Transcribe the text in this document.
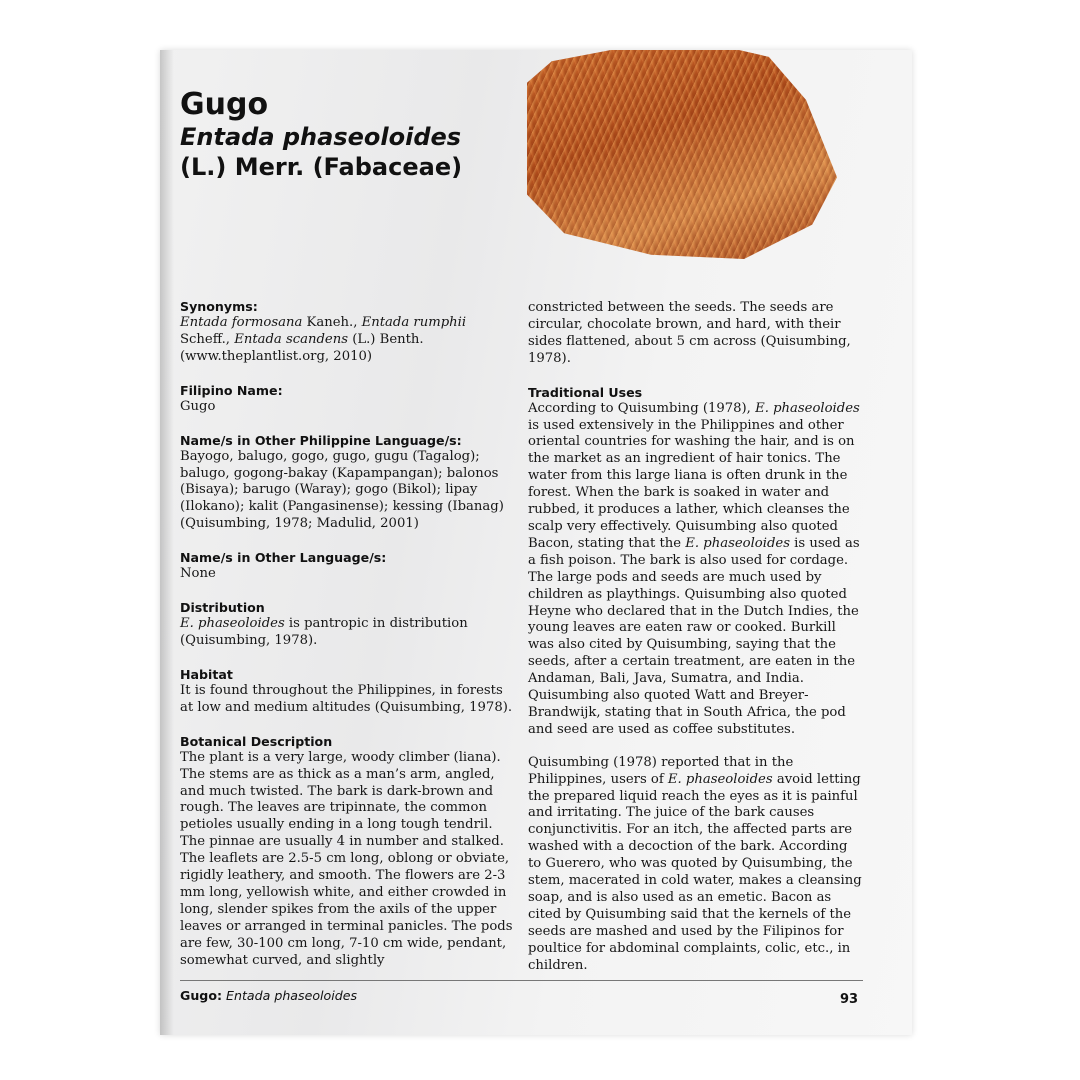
Gugo
Entada phaseoloides
(L.) Merr. (Fabaceae)
Synonyms:

Entada formosana Kaneh., Entada rumphii Scheff., Entada scandens (L.) Benth. (www.theplantlist.org, 2010)

Filipino Name:

Gugo

Name/s in Other Philippine Language/s:

Bayogo, balugo, gogo, gugo, gugu (Tagalog); balugo, gogong-bakay (Kapampangan); balonos (Bisaya); barugo (Waray); gogo (Bikol); lipay (Ilokano); kalit (Pangasinense); kessing (Ibanag) (Quisumbing, 1978; Madulid, 2001)

Name/s in Other Language/s:

None

Distribution

E. phaseoloides is pantropic in distribution (Quisumbing, 1978).

Habitat

It is found throughout the Philippines, in forests at low and medium altitudes (Quisumbing, 1978).

Botanical Description

The plant is a very large, woody climber (liana). The stems are as thick as a man’s arm, angled, and much twisted. The bark is dark-brown and rough. The leaves are tripinnate, the common petioles usually ending in a long tough tendril. The pinnae are usually 4 in number and stalked. The leaflets are 2.5-5 cm long, oblong or obviate, rigidly leathery, and smooth. The flowers are 2-3 mm long, yellowish white, and either crowded in long, slender spikes from the axils of the upper leaves or arranged in terminal panicles. The pods are few, 30-100 cm long, 7-10 cm wide, pendant, somewhat curved, and slightly

constricted between the seeds. The seeds are circular, chocolate brown, and hard, with their sides flattened, about 5 cm across (Quisumbing, 1978).

Traditional Uses

According to Quisumbing (1978), E. phaseoloides is used extensively in the Philippines and other oriental countries for washing the hair, and is on the market as an ingredient of hair tonics. The water from this large liana is often drunk in the forest. When the bark is soaked in water and rubbed, it produces a lather, which cleanses the scalp very effectively. Quisumbing also quoted Bacon, stating that the E. phaseoloides is used as a fish poison. The bark is also used for cordage. The large pods and seeds are much used by children as playthings. Quisumbing also quoted Heyne who declared that in the Dutch Indies, the young leaves are eaten raw or cooked. Burkill was also cited by Quisumbing, saying that the seeds, after a certain treatment, are eaten in the Andaman, Bali, Java, Sumatra, and India. Quisumbing also quoted Watt and Breyer-Brandwijk, stating that in South Africa, the pod and seed are used as coffee substitutes.

Quisumbing (1978) reported that in the Philippines, users of E. phaseoloides avoid letting the prepared liquid reach the eyes as it is painful and irritating. The juice of the bark causes conjunctivitis. For an itch, the affected parts are washed with a decoction of the bark. According to Guerero, who was quoted by Quisumbing, the stem, macerated in cold water, makes a cleansing soap, and is also used as an emetic. Bacon as cited by Quisumbing said that the kernels of the seeds are mashed and used by the Filipinos for poultice for abdominal complaints, colic, etc., in children.

Gugo: Entada phaseoloides	93
